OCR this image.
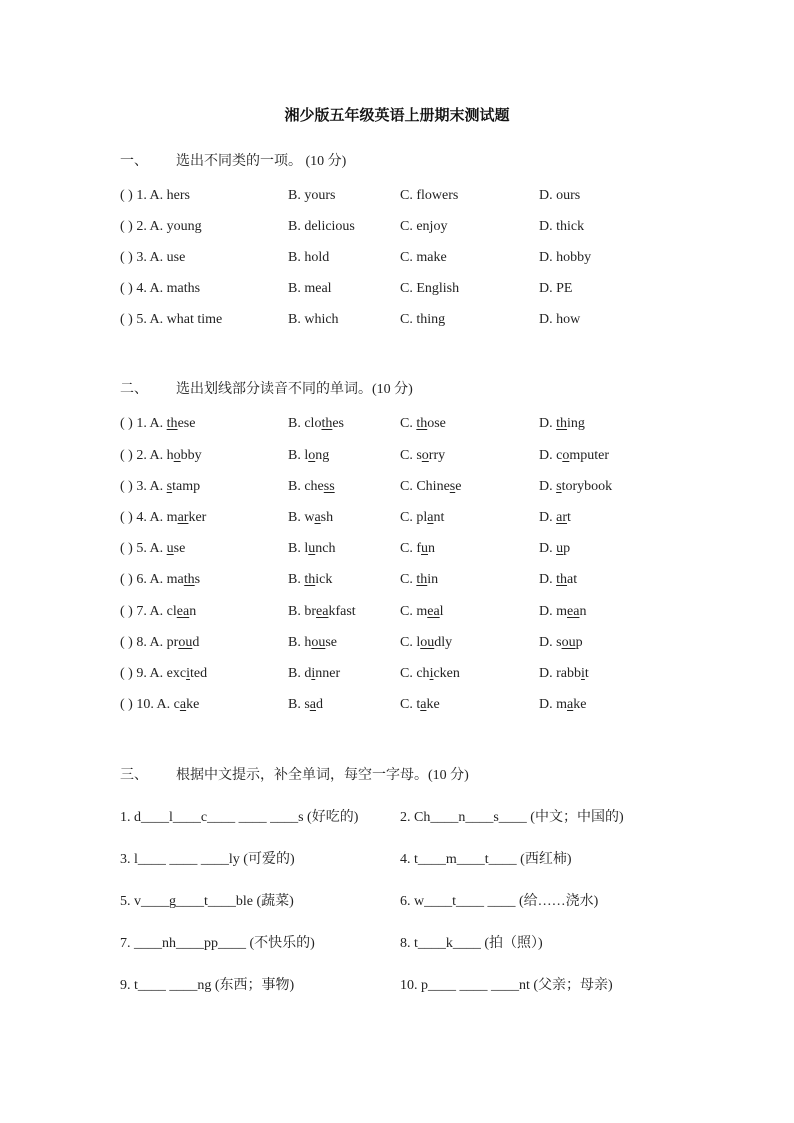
湘少版五年级英语上册期末测试题
一、 选出不同类的一项。 (10 分)
( ) 1. A. hers	B. yours	C. flowers	D. ours
( ) 2. A. young	B. delicious	C. enjoy	D. thick
( ) 3. A. use	B. hold	C. make	D. hobby
( ) 4. A. maths	B. meal	C. English	D. PE
( ) 5. A. what time	B. which	C. thing	D. how
二、 选出划线部分读音不同的单词。(10 分)
( ) 1. A. these	B. clothes	C. those	D. thing
( ) 2. A. hobby	B. long	C. sorry	D. computer
( ) 3. A. stamp	B. chess	C. Chinese	D. storybook
( ) 4. A. marker	B. wash	C. plant	D. art
( ) 5. A. use	B. lunch	C. fun	D. up
( ) 6. A. maths	B. thick	C. thin	D. that
( ) 7. A. clean	B. breakfast	C. meal	D. mean
( ) 8. A. proud	B. house	C. loudly	D. soup
( ) 9. A. excited	B. dinner	C. chicken	D. rabbit
( ) 10. A. cake	B. sad	C. take	D. make
三、 根据中文提示，补全单词，每空一字母。(10 分)
1. d____l____c____ ____ ____s (好吃的)	2. Ch____n____s____ (中文；中国的)
3. l____ ____ ____ly (可爱的)	4. t____m____t____ (西红柿)
5. v____g____t____ble (蔬菜)	6. w____t____ ____ (给……浇水)
7. ____nh____pp____ (不快乐的)	8. t____k____ (拍（照）)
9. t____ ____ng (东西；事物)	10. p____ ____ ____nt (父亲；母亲)
